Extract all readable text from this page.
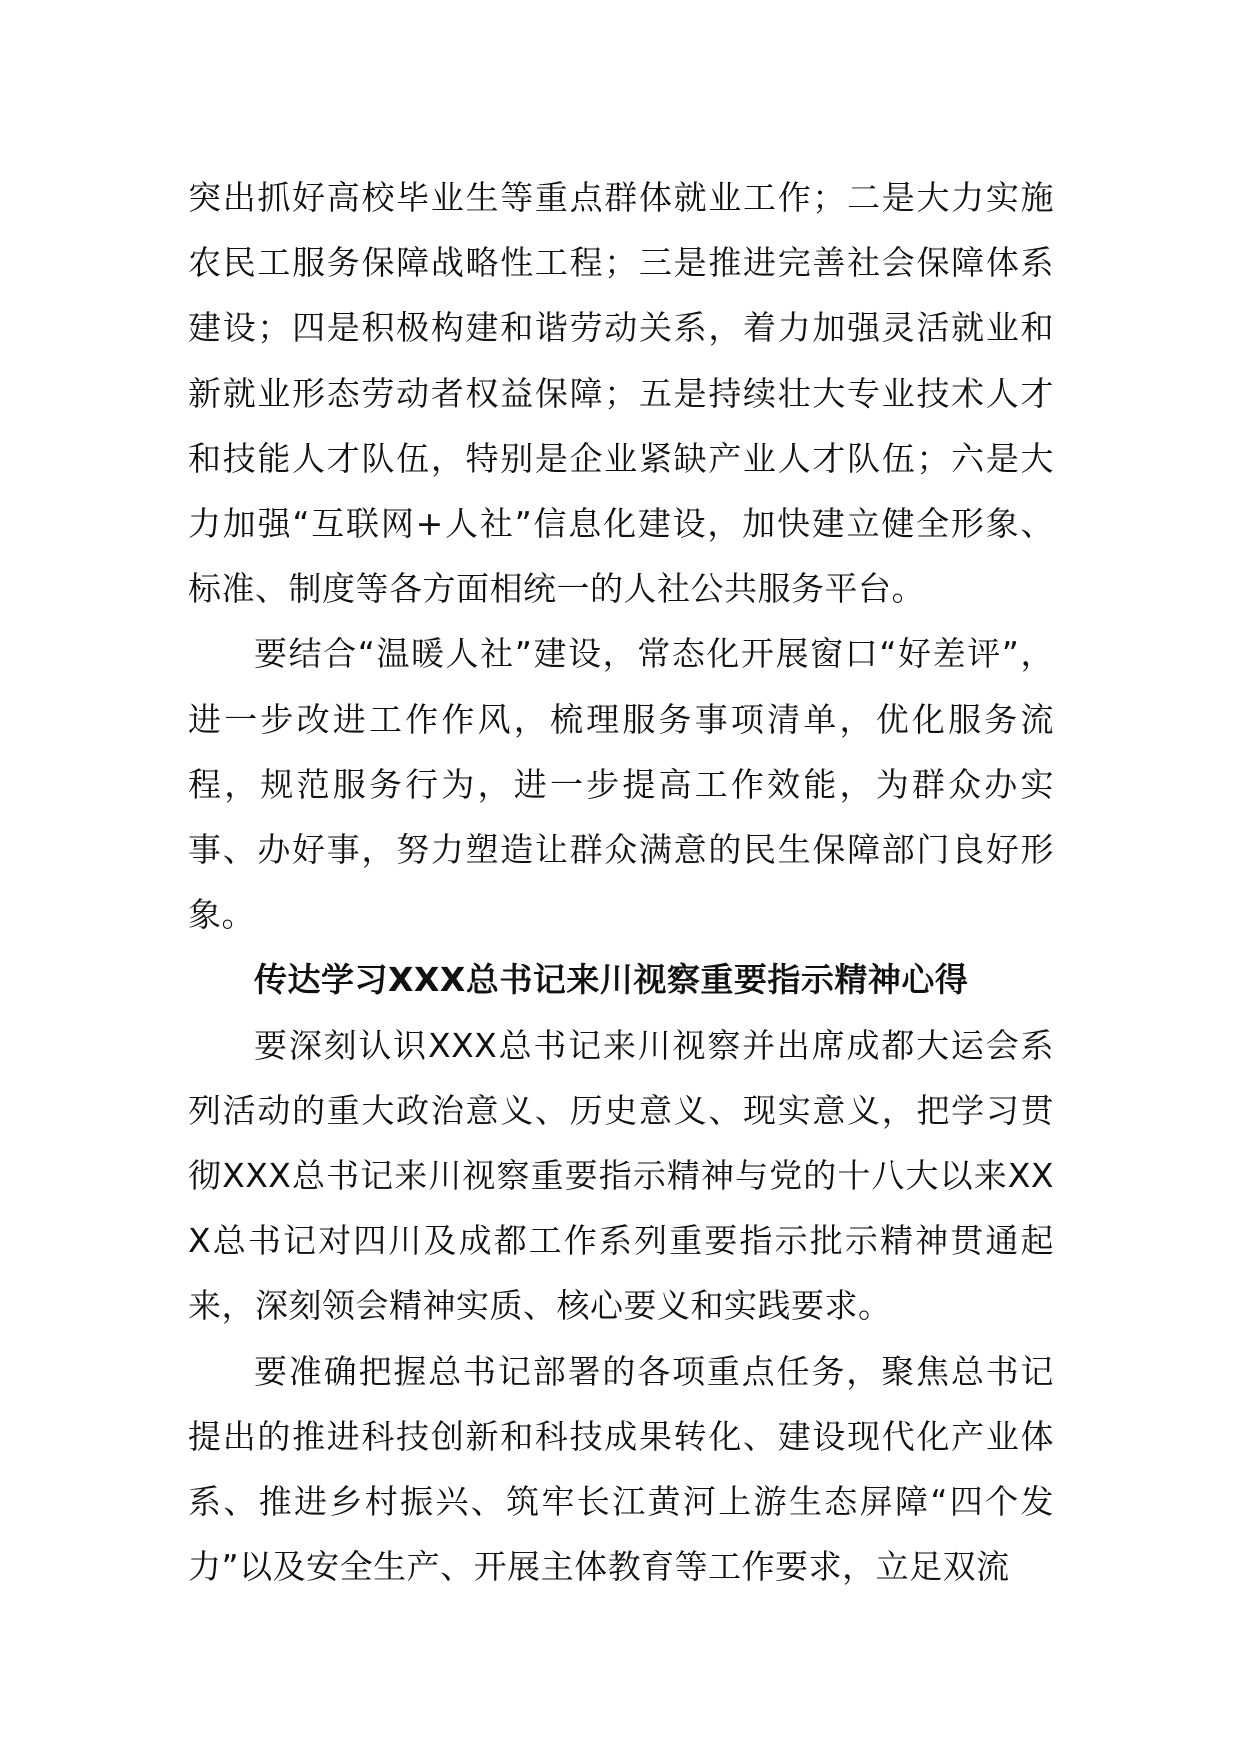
突出抓好高校毕业生等重点群体就业工作；二是大力实施农民工服务保障战略性工程；三是推进完善社会保障体系建设；四是积极构建和谐劳动关系，着力加强灵活就业和新就业形态劳动者权益保障；五是持续壮大专业技术人才和技能人才队伍，特别是企业紧缺产业人才队伍；六是大力加强“互联网+人社”信息化建设，加快建立健全形象、标准、制度等各方面相统一的人社公共服务平台。

要结合“温暖人社”建设，常态化开展窗口“好差评”，进一步改进工作作风，梳理服务事项清单，优化服务流程，规范服务行为，进一步提高工作效能，为群众办实事、办好事，努力塑造让群众满意的民生保障部门良好形象。

传达学习XXX总书记来川视察重要指示精神心得

要深刻认识XXX总书记来川视察并出席成都大运会系列活动的重大政治意义、历史意义、现实意义，把学习贯彻XXX总书记来川视察重要指示精神与党的十八大以来XXX总书记对四川及成都工作系列重要指示批示精神贯通起来，深刻领会精神实质、核心要义和实践要求。

要准确把握总书记部署的各项重点任务，聚焦总书记提出的推进科技创新和科技成果转化、建设现代化产业体系、推进乡村振兴、筑牢长江黄河上游生态屏障“四个发力”以及安全生产、开展主体教育等工作要求，立足双流
